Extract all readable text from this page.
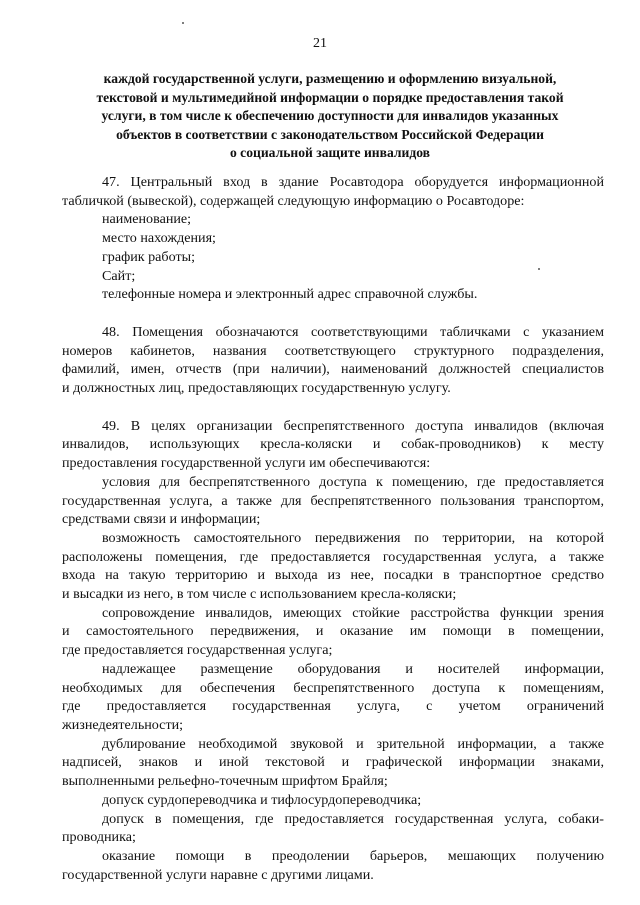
21
каждой государственной услуги, размещению и оформлению визуальной,
текстовой и мультимедийной информации о порядке предоставления такой
услуги, в том числе к обеспечению доступности для инвалидов указанных
объектов в соответствии с законодательством Российской Федерации
о социальной защите инвалидов
47. Центральный вход в здание Росавтодора оборудуется информационной
табличкой (вывеской), содержащей следующую информацию о Росавтодоре:
наименование;
место нахождения;
график работы;
Сайт;
телефонные номера и электронный адрес справочной службы.
48. Помещения обозначаются соответствующими табличками с указанием
номеров кабинетов, названия соответствующего структурного подразделения,
фамилий, имен, отчеств (при наличии), наименований должностей специалистов
и должностных лиц, предоставляющих государственную услугу.
49. В целях организации беспрепятственного доступа инвалидов (включая
инвалидов, использующих кресла-коляски и собак-проводников) к месту
предоставления государственной услуги им обеспечиваются:
условия для беспрепятственного доступа к помещению, где предоставляется
государственная услуга, а также для беспрепятственного пользования транспортом,
средствами связи и информации;
возможность самостоятельного передвижения по территории, на которой
расположены помещения, где предоставляется государственная услуга, а также
входа на такую территорию и выхода из нее, посадки в транспортное средство
и высадки из него, в том числе с использованием кресла-коляски;
сопровождение инвалидов, имеющих стойкие расстройства функции зрения
и самостоятельного передвижения, и оказание им помощи в помещении,
где предоставляется государственная услуга;
надлежащее размещение оборудования и носителей информации,
необходимых для обеспечения беспрепятственного доступа к помещениям,
где предоставляется государственная услуга, с учетом ограничений
жизнедеятельности;
дублирование необходимой звуковой и зрительной информации, а также
надписей, знаков и иной текстовой и графической информации знаками,
выполненными рельефно-точечным шрифтом Брайля;
допуск сурдопереводчика и тифлосурдопереводчика;
допуск в помещения, где предоставляется государственная услуга, собаки-
проводника;
оказание помощи в преодолении барьеров, мешающих получению
государственной услуги наравне с другими лицами.
